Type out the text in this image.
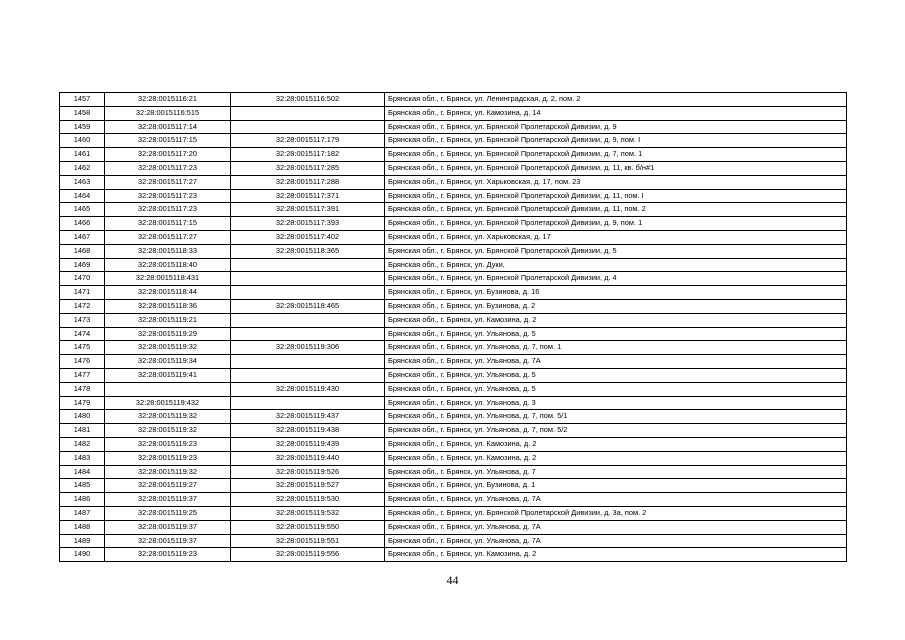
1457	32:28:0015116:21	32:28:0015116:502	Брянская обл., г. Брянск, ул. Ленинградская, д. 2, пом. 2
1458	32:28:0015116:515		Брянская обл., г. Брянск, ул. Камозина, д. 14
1459	32:28:0015117:14		Брянская обл., г. Брянск, ул. Брянской Пролетарской Дивизии, д. 9
1460	32:28:0015117:15	32:28:0015117:179	Брянская обл., г. Брянск, ул. Брянской Пролетарской Дивизии, д. 9, пом. I
1461	32:28:0015117:20	32:28:0015117:182	Брянская обл., г. Брянск, ул. Брянской Пролетарской Дивизии, д. 7, пом. 1
1462	32:28:0015117:23	32:28:0015117:285	Брянская обл., г. Брянск, ул. Брянской Пролетарской Дивизии, д. 11, кв. б/н#1
1463	32:28:0015117:27	32:28:0015117:288	Брянская обл., г. Брянск, ул. Харьковская, д. 17, пом. 23
1464	32:28:0015117:23	32:28:0015117:371	Брянская обл., г. Брянск, ул. Брянской Пролетарской Дивизии, д. 11, пом. I
1465	32:28:0015117:23	32:28:0015117:391	Брянская обл., г. Брянск, ул. Брянской Пролетарской Дивизии, д. 11, пом. 2
1466	32:28:0015117:15	32:28:0015117:393	Брянская обл., г. Брянск, ул. Брянской Пролетарской Дивизии, д. 9, пом. 1
1467	32:28:0015117:27	32:28:0015117:402	Брянская обл., г. Брянск, ул. Харьковская, д. 17
1468	32:28:0015118:33	32:28:0015118:365	Брянская обл., г. Брянск, ул. Брянской Пролетарской Дивизии, д. 5
1469	32:28:0015118:40		Брянская обл., г. Брянск, ул. Дуки,
1470	32:28:0015118:431		Брянская обл., г. Брянск, ул. Брянской Пролетарской Дивизии, д. 4
1471	32:28:0015118:44		Брянская обл., г. Брянск, ул. Бузинова, д. 16
1472	32:28:0015118:36	32:28:0015118:465	Брянская обл., г. Брянск, ул. Бузинова, д. 2
1473	32:28:0015119:21		Брянская обл., г. Брянск, ул. Камозина, д. 2
1474	32:28:0015119:29		Брянская обл., г. Брянск, ул. Ульянова, д. 5
1475	32:28:0015119:32	32:28:0015119:306	Брянская обл., г. Брянск, ул. Ульянова, д. 7, пом. 1
1476	32:28:0015119:34		Брянская обл., г. Брянск, ул. Ульянова, д. 7А
1477	32:28:0015119:41		Брянская обл., г. Брянск, ул. Ульянова, д. 5
1478		32:28:0015119:430	Брянская обл., г. Брянск, ул. Ульянова, д. 5
1479	32:28:0015119:432		Брянская обл., г. Брянск, ул. Ульянова, д. 3
1480	32:28:0015119:32	32:28:0015119:437	Брянская обл., г. Брянск, ул. Ульянова, д. 7, пом. 5/1
1481	32:28:0015119:32	32:28:0015119:438	Брянская обл., г. Брянск, ул. Ульянова, д. 7, пом. 5/2
1482	32:28:0015119:23	32:28:0015119:439	Брянская обл., г. Брянск, ул. Камозина, д. 2
1483	32:28:0015119:23	32:28:0015119:440	Брянская обл., г. Брянск, ул. Камозина, д. 2
1484	32:28:0015119:32	32:28:0015119:526	Брянская обл., г. Брянск, ул. Ульянова, д. 7
1485	32:28:0015119:27	32:28:0015119:527	Брянская обл., г. Брянск, ул. Бузинова, д. 1
1486	32:28:0015119:37	32:28:0015119:530	Брянская обл., г. Брянск, ул. Ульянова, д. 7А
1487	32:28:0015119:25	32:28:0015119:532	Брянская обл., г. Брянск, ул. Брянской Пролетарской Дивизии, д. 3а, пом. 2
1488	32:28:0015119:37	32:28:0015119:550	Брянская обл., г. Брянск, ул. Ульянова, д. 7А
1489	32:28:0015119:37	32:28:0015119:551	Брянская обл., г. Брянск, ул. Ульянова, д. 7А
1490	32:28:0015119:23	32:28:0015119:556	Брянская обл., г. Брянск, ул. Камозина, д. 2
44
